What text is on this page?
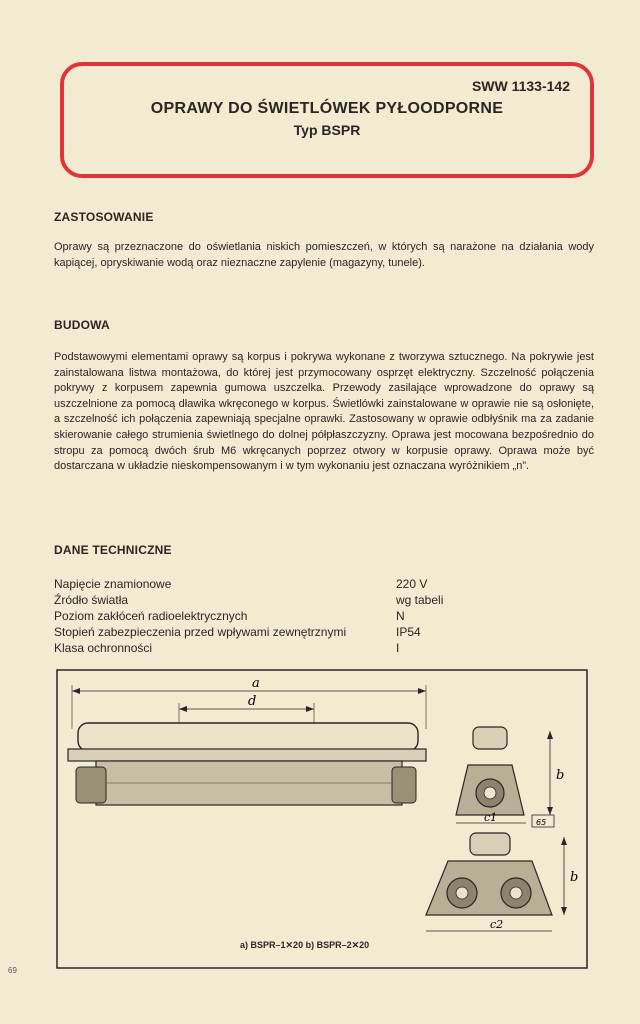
SWW 1133-142
OPRAWY DO ŚWIETLÓWEK PYŁOODPORNE
Typ BSPR
ZASTOSOWANIE
Oprawy są przeznaczone do oświetlania niskich pomieszczeń, w których są narażone na działania wody kapiącej, opryskiwanie wodą oraz nieznaczne zapylenie (magazyny, tunele).
BUDOWA
Podstawowymi elementami oprawy są korpus i pokrywa wykonane z tworzywa sztucznego. Na pokrywie jest zainstalowana listwa montażowa, do której jest przymocowany osprzęt elektryczny. Szczelność połączenia pokrywy z korpusem zapewnia gumowa uszczelka. Przewody zasilające wprowadzone do oprawy są uszczelnione za pomocą dławika wkręconego w korpus. Świetlówki zainstalowane w oprawie nie są osłonięte, a szczelność ich połączenia zapewniają specjalne oprawki. Zastosowany w oprawie odbłyśnik ma za zadanie skierowanie całego strumienia świetlnego do dolnej półpłaszczyzny. Oprawa jest mocowana bezpośrednio do stropu za pomocą dwóch śrub M6 wkręcanych poprzez otwory w korpusie oprawy. Oprawa może być dostarczana w układzie nieskompensowanym i w tym wykonaniu jest oznaczana wyróżnikiem „n”.
DANE TECHNICZNE
Napięcie znamionowe	220 V
Źródło światła	wg tabeli
Poziom zakłóceń radioelektrycznych	N
Stopień zabezpieczenia przed wpływami zewnętrznymi	IP54
Klasa ochronności	I
a
d
b
c1	65
b
c2
a) BSPR–1✕20 b) BSPR–2✕20
69
